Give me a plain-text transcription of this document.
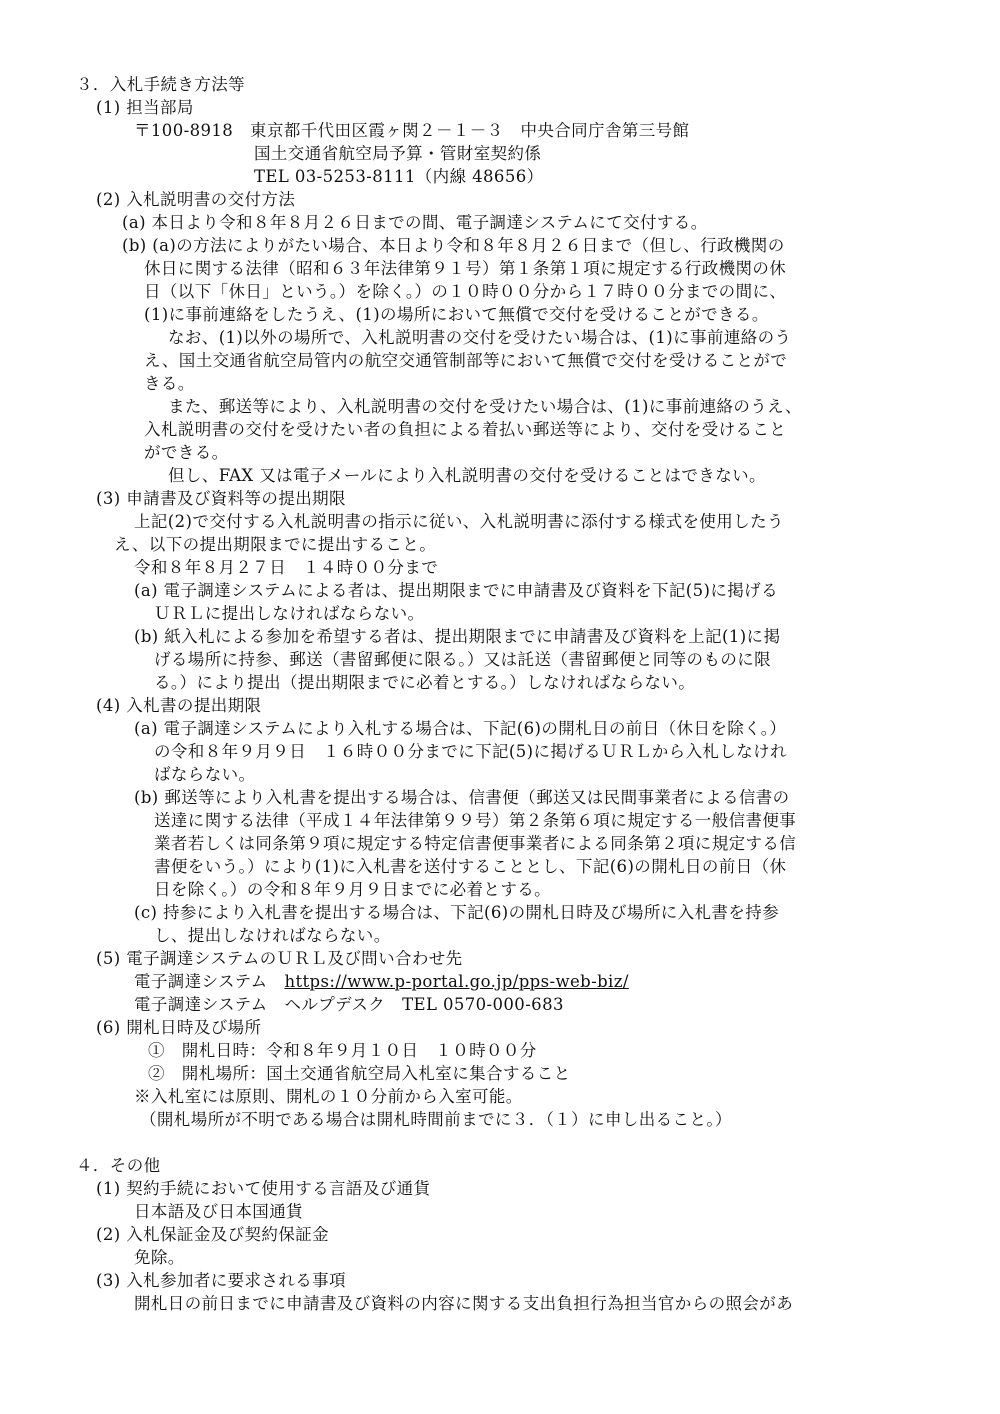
３．入札手続き方法等
(1) 担当部局
〒100-8918　東京都千代田区霞ヶ関２－１－３　中央合同庁舎第三号館
国土交通省航空局予算・管財室契約係
TEL 03-5253-8111（内線 48656）
(2) 入札説明書の交付方法
(a) 本日より令和８年８月２６日までの間、電子調達システムにて交付する。
(b) (a)の方法によりがたい場合、本日より令和８年８月２６日まで（但し、行政機関の
休日に関する法律（昭和６３年法律第９１号）第１条第１項に規定する行政機関の休
日（以下「休日」という。）を除く。）の１０時００分から１７時００分までの間に、
(1)に事前連絡をしたうえ、(1)の場所において無償で交付を受けることができる。
なお、(1)以外の場所で、入札説明書の交付を受けたい場合は、(1)に事前連絡のう
え、国土交通省航空局管内の航空交通管制部等において無償で交付を受けることがで
きる。
また、郵送等により、入札説明書の交付を受けたい場合は、(1)に事前連絡のうえ、
入札説明書の交付を受けたい者の負担による着払い郵送等により、交付を受けること
ができる。
但し、FAX 又は電子メールにより入札説明書の交付を受けることはできない。
(3) 申請書及び資料等の提出期限
上記(2)で交付する入札説明書の指示に従い、入札説明書に添付する様式を使用したう
え、以下の提出期限までに提出すること。
令和８年８月２７日　１４時００分まで
(a) 電子調達システムによる者は、提出期限までに申請書及び資料を下記(5)に掲げる
ＵＲＬに提出しなければならない。
(b) 紙入札による参加を希望する者は、提出期限までに申請書及び資料を上記(1)に掲
げる場所に持参、郵送（書留郵便に限る。）又は託送（書留郵便と同等のものに限
る。）により提出（提出期限までに必着とする。）しなければならない。
(4) 入札書の提出期限
(a) 電子調達システムにより入札する場合は、下記(6)の開札日の前日（休日を除く。）
の令和８年９月９日　１６時００分までに下記(5)に掲げるＵＲＬから入札しなけれ
ばならない。
(b) 郵送等により入札書を提出する場合は、信書便（郵送又は民間事業者による信書の
送達に関する法律（平成１４年法律第９９号）第２条第６項に規定する一般信書便事
業者若しくは同条第９項に規定する特定信書便事業者による同条第２項に規定する信
書便をいう。）により(1)に入札書を送付することとし、下記(6)の開札日の前日（休
日を除く。）の令和８年９月９日までに必着とする。
(c) 持参により入札書を提出する場合は、下記(6)の開札日時及び場所に入札書を持参
し、提出しなければならない。
(5) 電子調達システムのＵＲＬ及び問い合わせ先
電子調達システム　https://www.p-portal.go.jp/pps-web-biz/
電子調達システム　ヘルプデスク　TEL 0570-000-683
(6) 開札日時及び場所
①　開札日時：令和８年９月１０日　１０時００分
②　開札場所：国土交通省航空局入札室に集合すること
※入札室には原則、開札の１０分前から入室可能。
（開札場所が不明である場合は開札時間前までに３．（１）に申し出ること。）
４．その他
(1) 契約手続において使用する言語及び通貨
日本語及び日本国通貨
(2) 入札保証金及び契約保証金
免除。
(3) 入札参加者に要求される事項
開札日の前日までに申請書及び資料の内容に関する支出負担行為担当官からの照会があ
